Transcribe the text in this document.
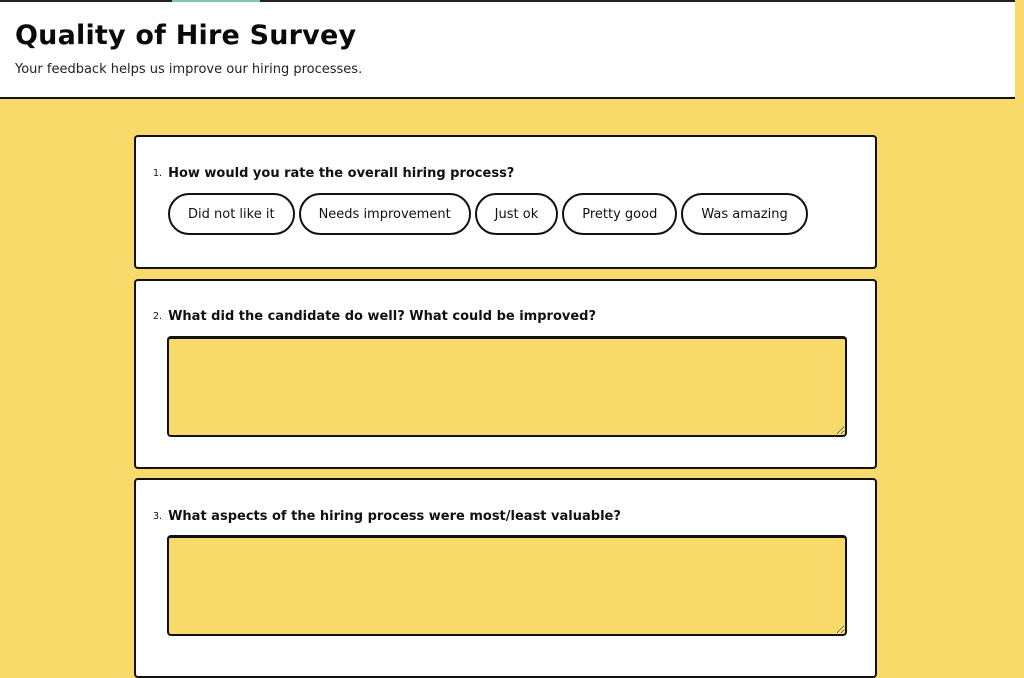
Quality of Hire Survey

Your feedback helps us improve our hiring processes.

1. How would you rate the overall hiring process?
Did not like it	Needs improvement	Just ok	Pretty good	Was amazing
2. What did the candidate do well? What could be improved?
3. What aspects of the hiring process were most/least valuable?
